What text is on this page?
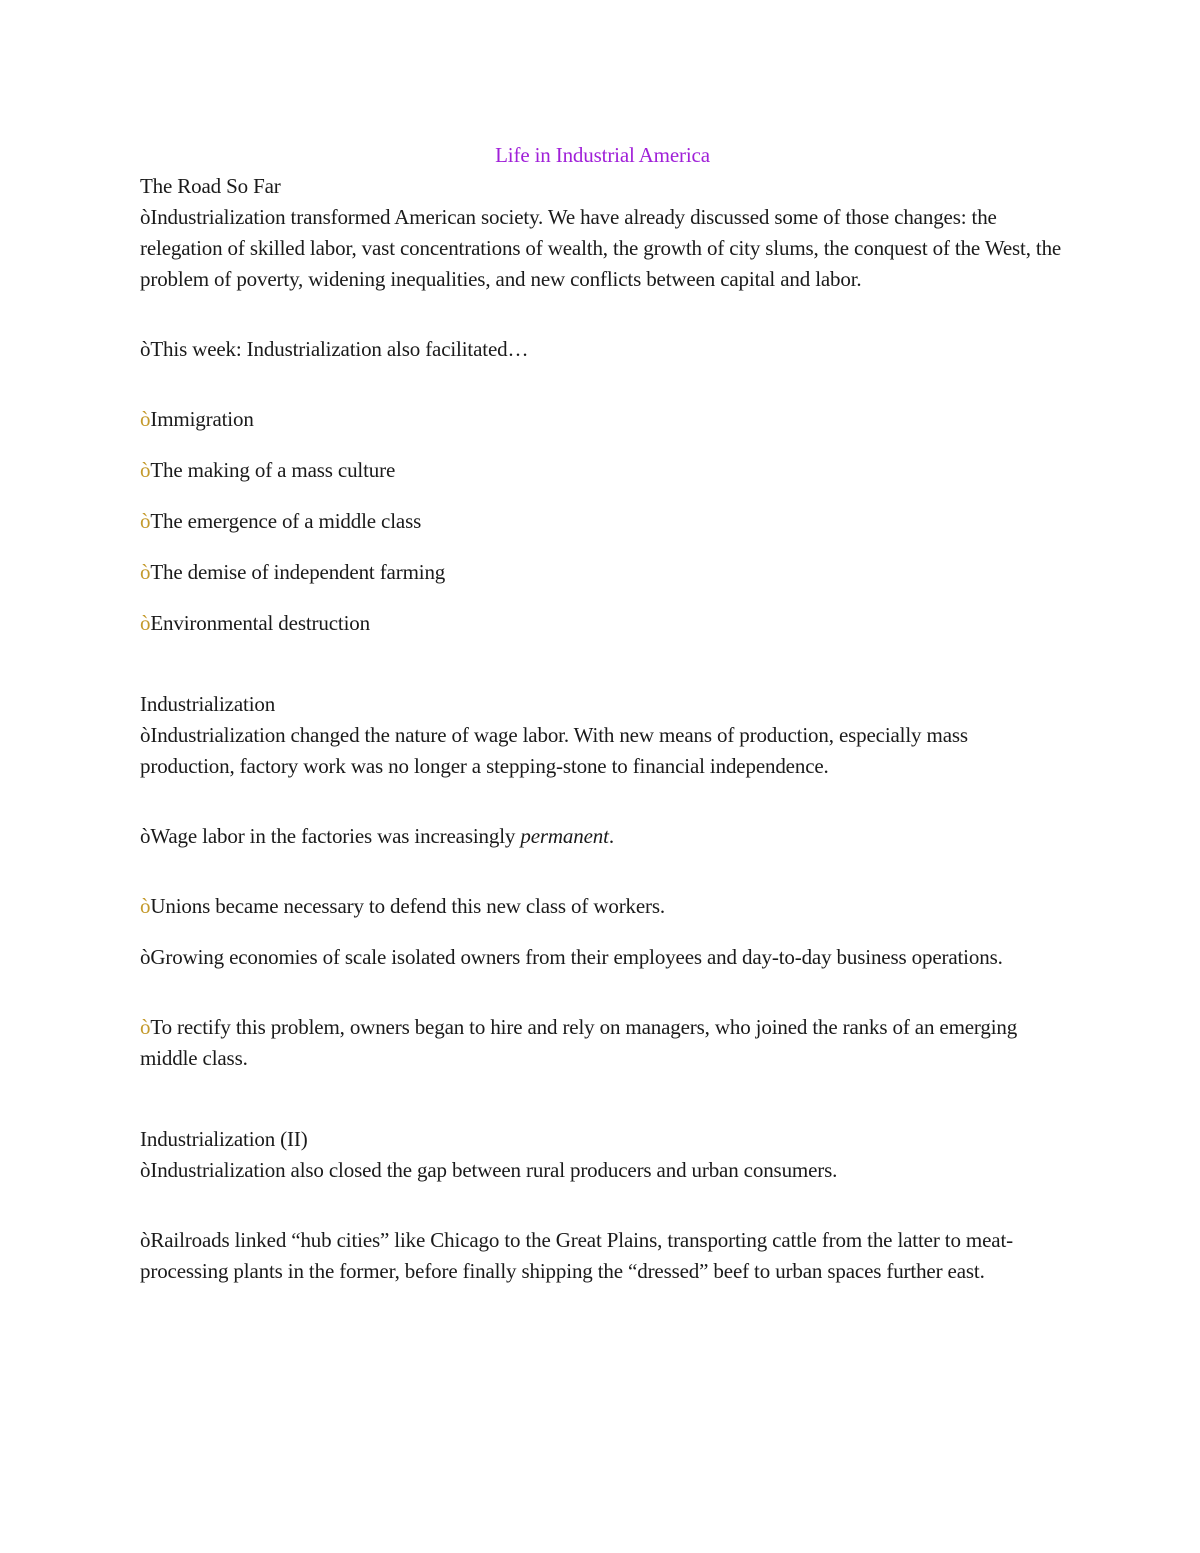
Life in Industrial America
The Road So Far

òIndustrialization transformed American society. We have already discussed some of those changes: the relegation of skilled labor, vast concentrations of wealth, the growth of city slums, the conquest of the West, the problem of poverty, widening inequalities, and new conflicts between capital and labor.

òThis week: Industrialization also facilitated…

òImmigration

òThe making of a mass culture

òThe emergence of a middle class

òThe demise of independent farming

òEnvironmental destruction

Industrialization

òIndustrialization changed the nature of wage labor. With new means of production, especially mass production, factory work was no longer a stepping-stone to financial independence.

òWage labor in the factories was increasingly permanent.

òUnions became necessary to defend this new class of workers.

òGrowing economies of scale isolated owners from their employees and day-to-day business operations.

òTo rectify this problem, owners began to hire and rely on managers, who joined the ranks of an emerging middle class.

Industrialization (II)

òIndustrialization also closed the gap between rural producers and urban consumers.

òRailroads linked “hub cities” like Chicago to the Great Plains, transporting cattle from the latter to meat-processing plants in the former, before finally shipping the “dressed” beef to urban spaces further east.
